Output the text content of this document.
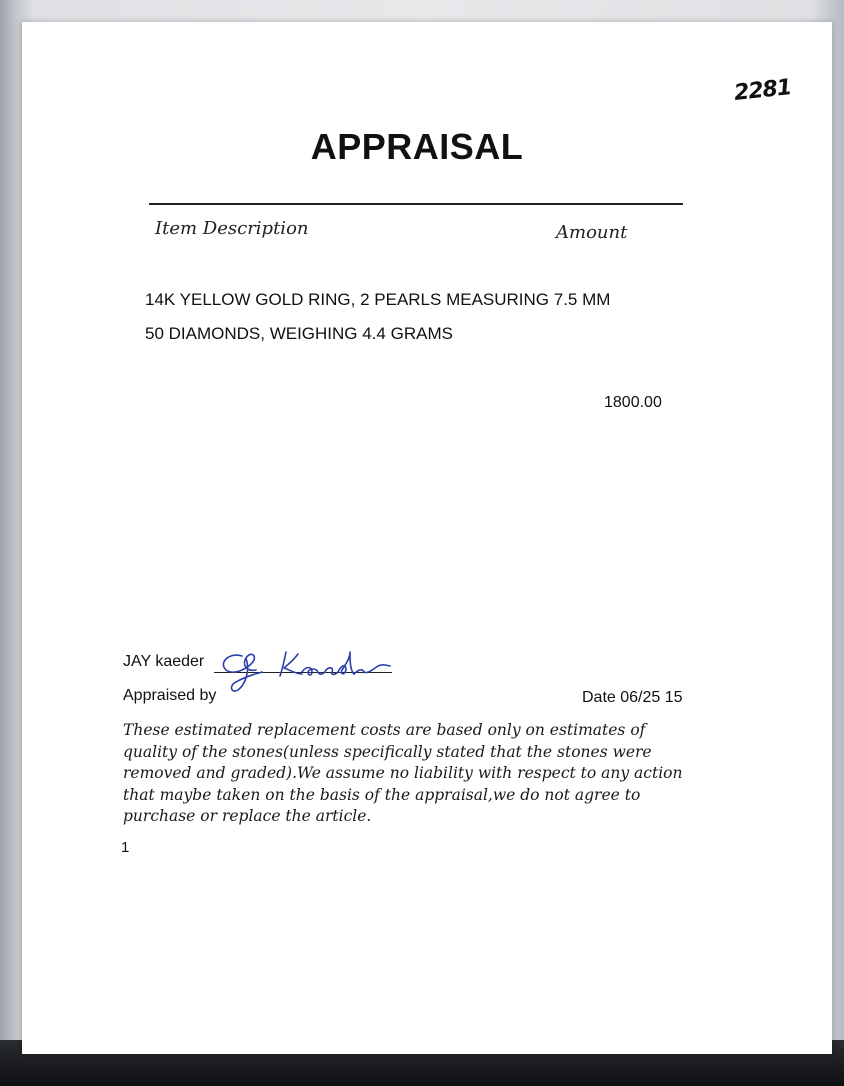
2281
APPRAISAL
Item Description	Amount
14K YELLOW GOLD RING, 2 PEARLS MEASURING 7.5 MM
50 DIAMONDS, WEIGHING 4.4 GRAMS
1800.00
JAY kaeder
Kaeder
Appraised by	Date 06/25 15
These estimated replacement costs are based only on estimates of quality of the stones(unless specifically stated that the stones were removed and graded).We assume no liability with respect to any action that maybe taken on the basis of the appraisal,we do not agree to purchase or replace the article.
1
